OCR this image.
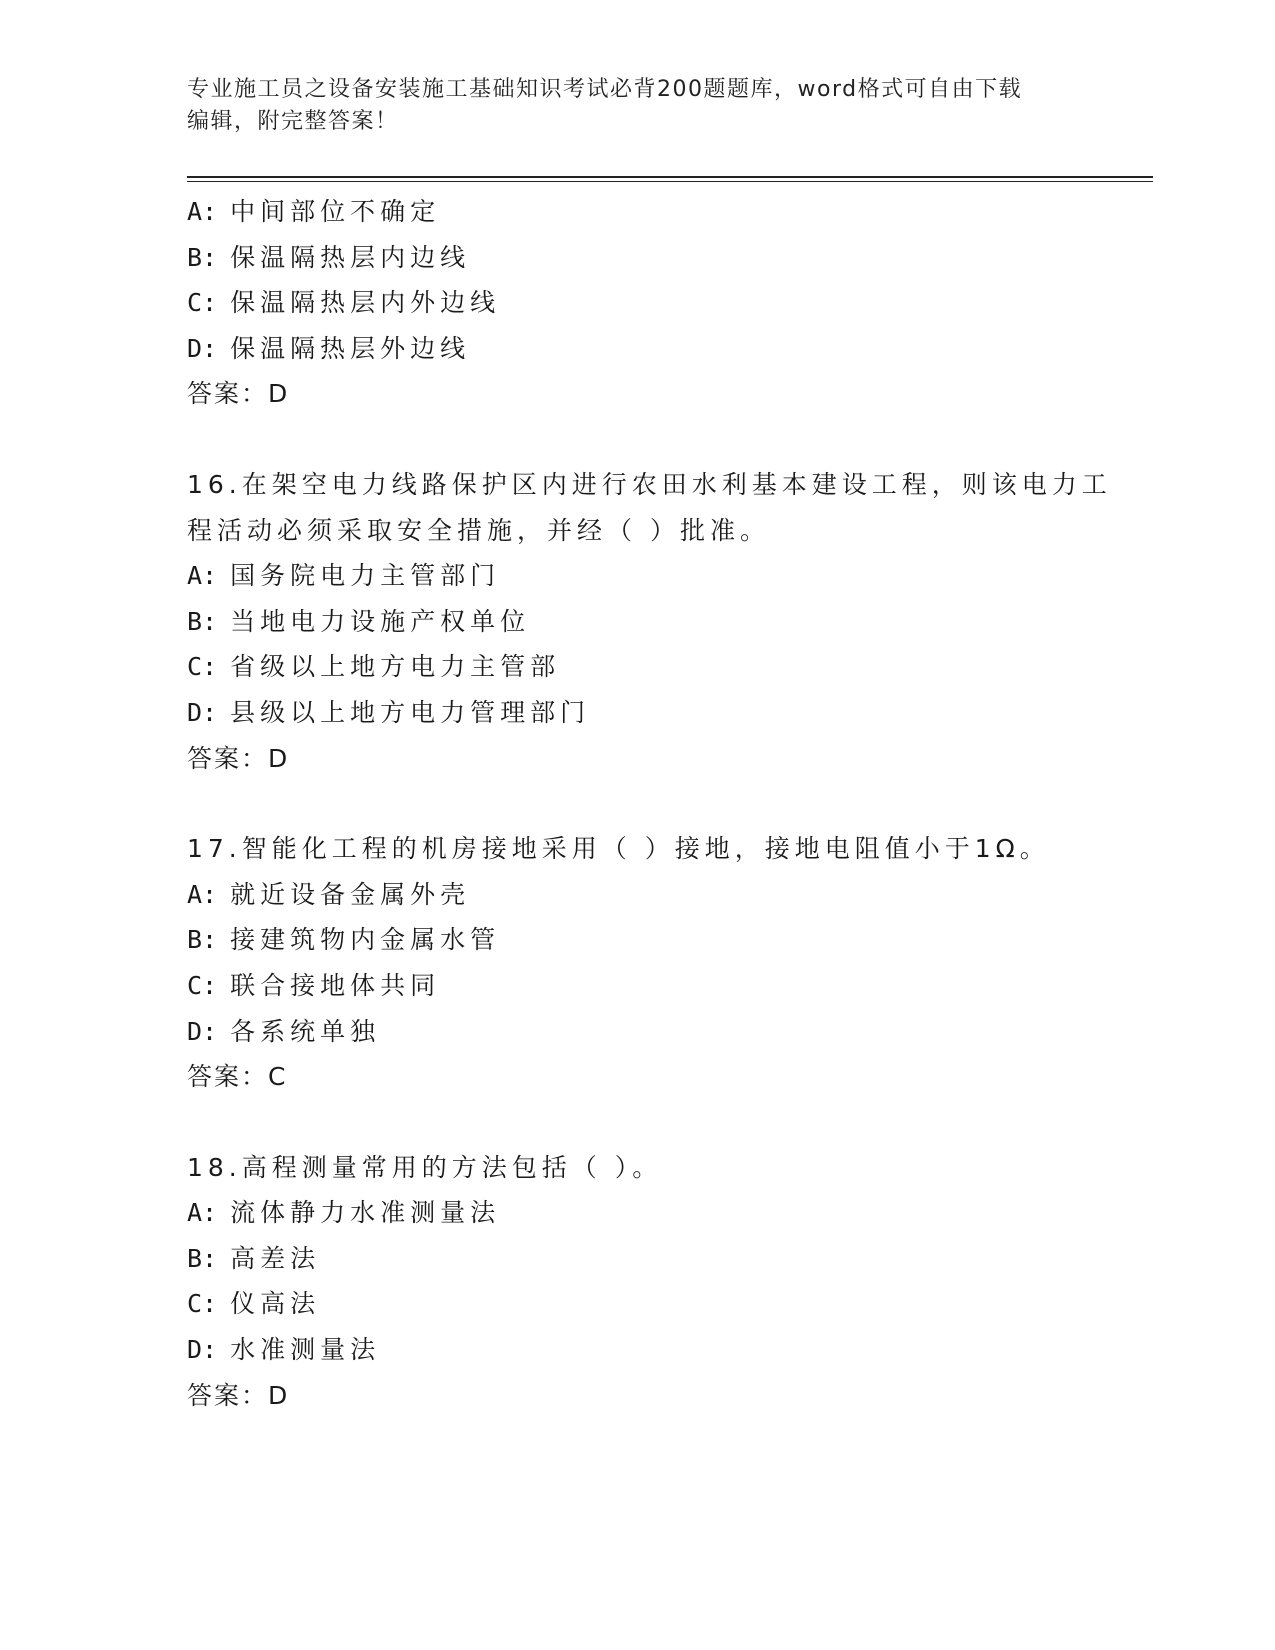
专业施工员之设备安装施工基础知识考试必背200题题库，word格式可自由下载
编辑，附完整答案！
A: 中间部位不确定
B: 保温隔热层内边线
C: 保温隔热层内外边线
D: 保温隔热层外边线
答案：D
16.在架空电力线路保护区内进行农田水利基本建设工程，则该电力工
程活动必须采取安全措施，并经（ ）批准。
A: 国务院电力主管部门
B: 当地电力设施产权单位
C: 省级以上地方电力主管部
D: 县级以上地方电力管理部门
答案：D
17.智能化工程的机房接地采用（ ）接地，接地电阻值小于1Ω。
A: 就近设备金属外壳
B: 接建筑物内金属水管
C: 联合接地体共同
D: 各系统单独
答案：C
18.高程测量常用的方法包括（ ）。
A: 流体静力水准测量法
B: 高差法
C: 仪高法
D: 水准测量法
答案：D
